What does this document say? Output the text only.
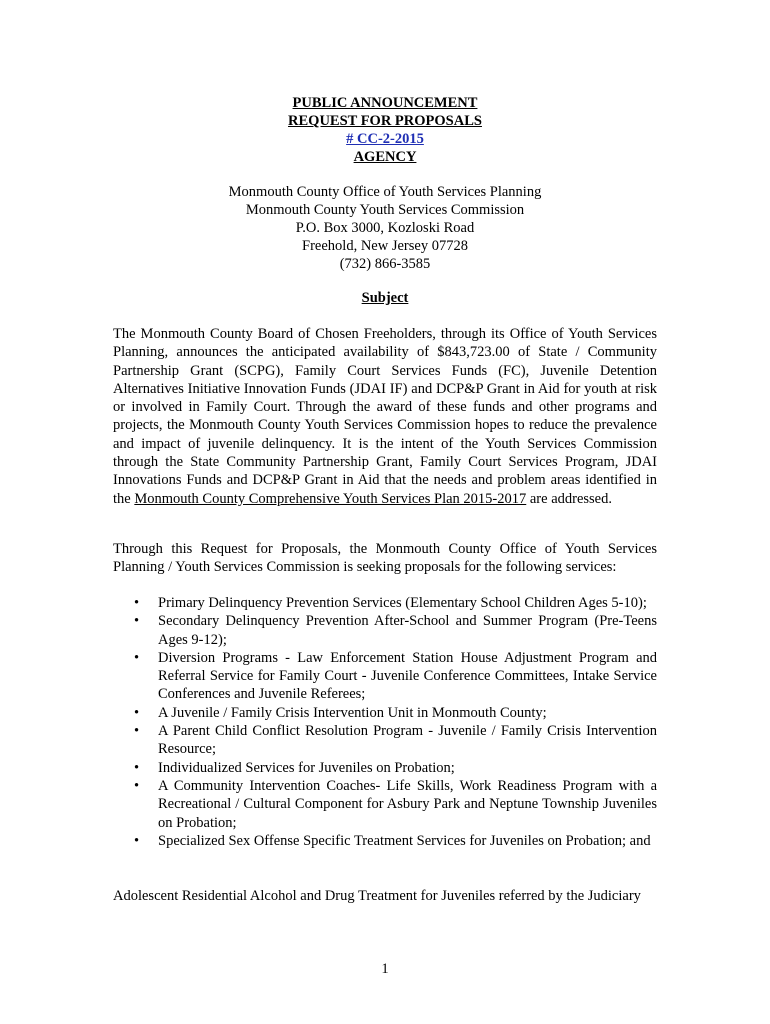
PUBLIC ANNOUNCEMENT
REQUEST FOR PROPOSALS
# CC-2-2015
AGENCY
Monmouth County Office of Youth Services Planning
Monmouth County Youth Services Commission
P.O. Box 3000, Kozloski Road
Freehold, New Jersey 07728
(732) 866-3585
Subject
The Monmouth County Board of Chosen Freeholders, through its Office of Youth Services Planning, announces the anticipated availability of $843,723.00 of State / Community Partnership Grant (SCPG), Family Court Services Funds (FC), Juvenile Detention Alternatives Initiative Innovation Funds (JDAI IF) and DCP&P Grant in Aid for youth at risk or involved in Family Court. Through the award of these funds and other programs and projects, the Monmouth County Youth Services Commission hopes to reduce the prevalence and impact of juvenile delinquency. It is the intent of the Youth Services Commission through the State Community Partnership Grant, Family Court Services Program, JDAI Innovations Funds and DCP&P Grant in Aid that the needs and problem areas identified in the Monmouth County Comprehensive Youth Services Plan 2015-2017 are addressed.
Through this Request for Proposals, the Monmouth County Office of Youth Services Planning / Youth Services Commission is seeking proposals for the following services:
• Primary Delinquency Prevention Services (Elementary School Children Ages 5-10);
• Secondary Delinquency Prevention After-School and Summer Program (Pre-Teens Ages 9-12);
• Diversion Programs - Law Enforcement Station House Adjustment Program and Referral Service for Family Court - Juvenile Conference Committees, Intake Service Conferences and Juvenile Referees;
• A Juvenile / Family Crisis Intervention Unit in Monmouth County;
• A Parent Child Conflict Resolution Program - Juvenile / Family Crisis Intervention Resource;
• Individualized Services for Juveniles on Probation;
• A Community Intervention Coaches- Life Skills, Work Readiness Program with a Recreational / Cultural Component for Asbury Park and Neptune Township Juveniles on Probation;
• Specialized Sex Offense Specific Treatment Services for Juveniles on Probation; and
Adolescent Residential Alcohol and Drug Treatment for Juveniles referred by the Judiciary
1
